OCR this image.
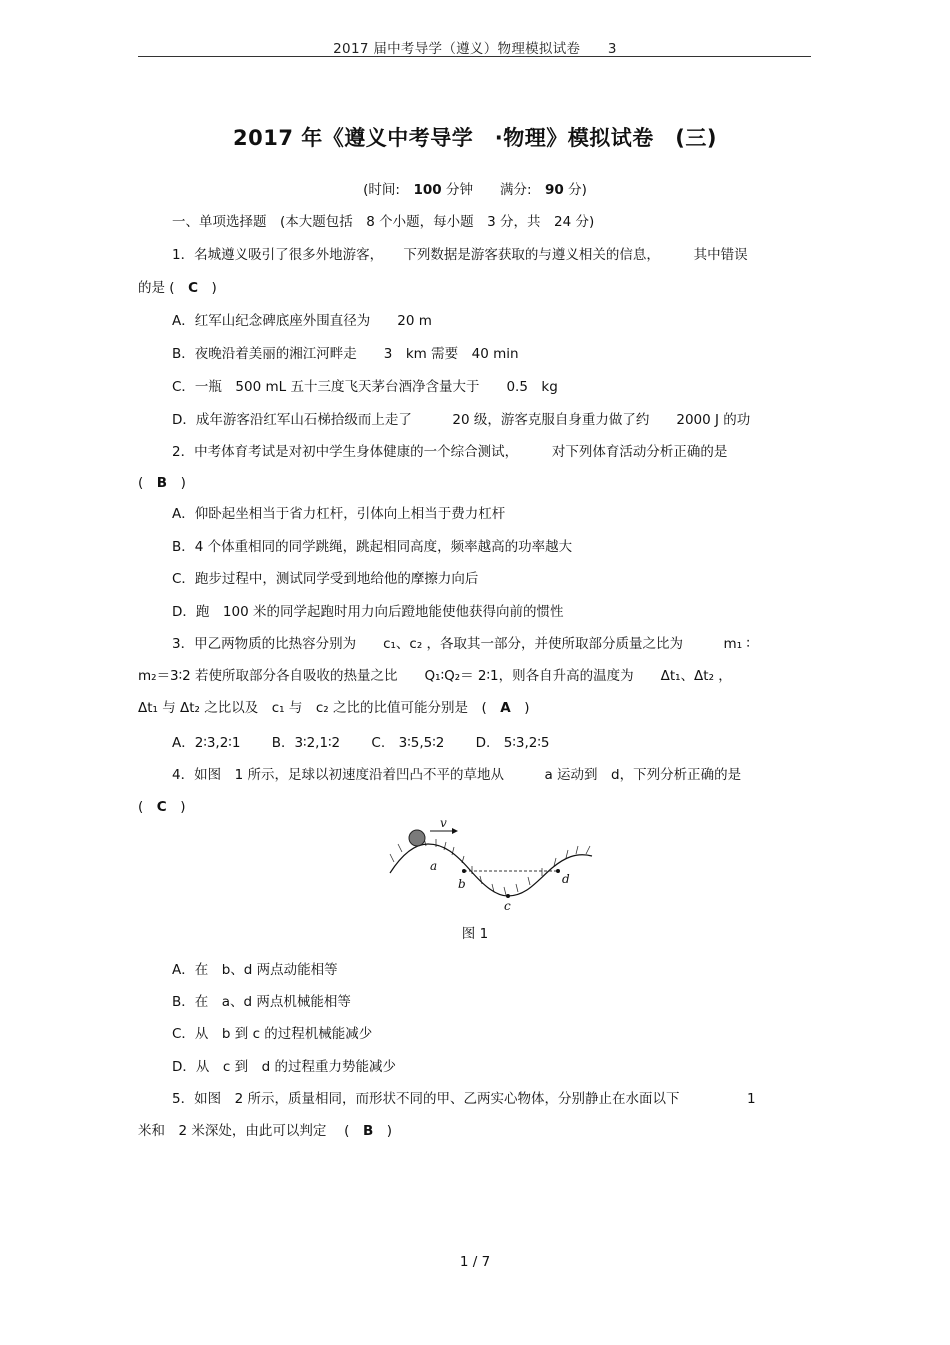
2017 届中考导学（遵义）物理模拟试卷　　3
2017 年《遵义中考导学　·物理》模拟试卷　(三)
(时间:　100 分钟　　满分:　90 分)
一、单项选择题　(本大题包括　8 个小题，每小题　3 分，共　24 分)
1．名城遵义吸引了很多外地游客，　　下列数据是游客获取的与遵义相关的信息，　　　其中错误
的是 (　C　)
A．红军山纪念碑底座外围直径为　　20 m
B．夜晚沿着美丽的湘江河畔走　　3　km 需要　40 min
C．一瓶　500 mL 五十三度飞天茅台酒净含量大于　　0.5　kg
D．成年游客沿红军山石梯拾级而上走了　　　20 级，游客克服自身重力做了约　　2000 J 的功
2．中考体育考试是对初中学生身体健康的一个综合测试，　　　对下列体育活动分析正确的是
(　B　)
A．仰卧起坐相当于省力杠杆，引体向上相当于费力杠杆
B．4 个体重相同的同学跳绳，跳起相同高度，频率越高的功率越大
C．跑步过程中，测试同学受到地给他的摩擦力向后
D．跑　100 米的同学起跑时用力向后蹬地能使他获得向前的惯性
3．甲乙两物质的比热容分别为　　c₁、c₂ ，各取其一部分，并使所取部分质量之比为　　　m₁ ∶
m₂＝3∶2 若使所取部分各自吸收的热量之比　　Q₁∶Q₂＝ 2∶1，则各自升高的温度为　　Δt₁、Δt₂ ，
Δt₁ 与 Δt₂ 之比以及　c₁ 与　c₂ 之比的比值可能分别是　(　A　)
A．2∶3,2∶1　　 B．3∶2,1∶2　　 C.　3∶5,5∶2　　 D.　5∶3,2∶5
4．如图　1 所示，足球以初速度沿着凹凸不平的草地从　　　a 运动到　d，下列分析正确的是
(　C　)
v
a
b
c
d
图 1
A．在　b、d 两点动能相等
B．在　a、d 两点机械能相等
C．从　b 到 c 的过程机械能减少
D．从　c 到　d 的过程重力势能减少
5．如图　2 所示，质量相同，而形状不同的甲、乙两实心物体，分别静止在水面以下　　　　　1
米和　2 米深处，由此可以判定　 (　B　)
1 / 7
